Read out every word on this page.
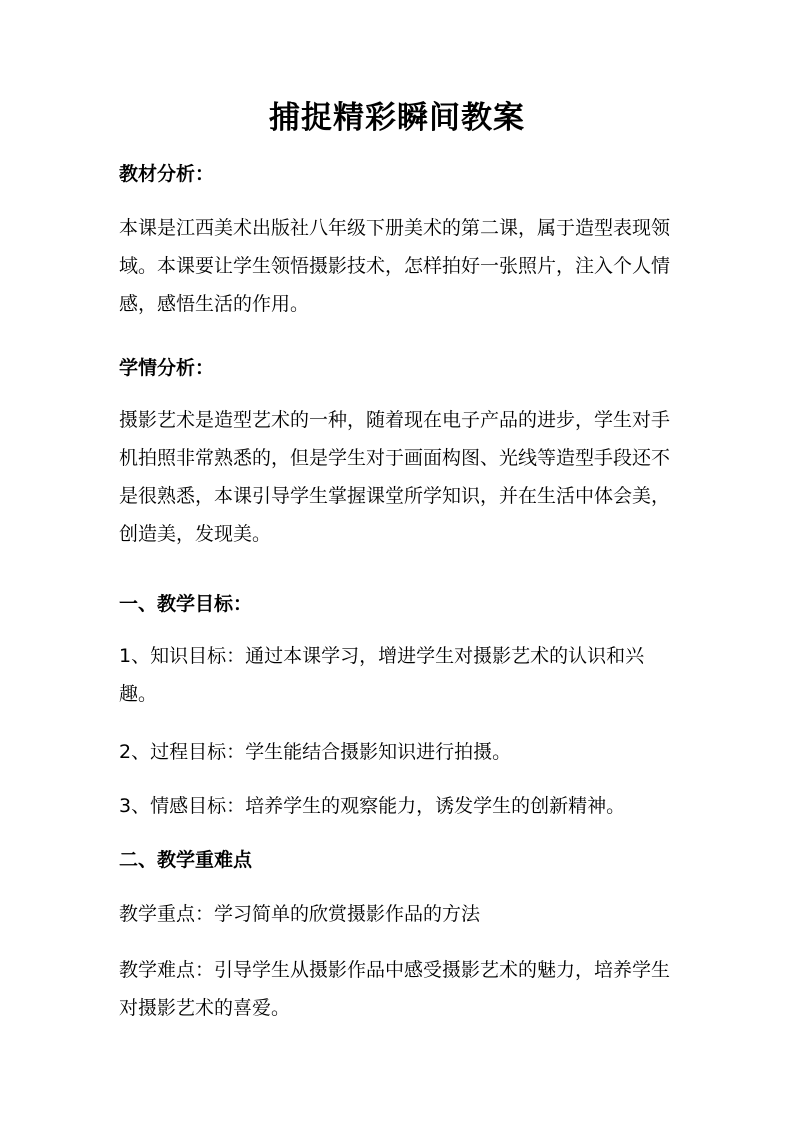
捕捉精彩瞬间教案
教材分析：
本课是江西美术出版社八年级下册美术的第二课，属于造型表现领域。本课要让学生领悟摄影技术，怎样拍好一张照片，注入个人情感，感悟生活的作用。
学情分析：
摄影艺术是造型艺术的一种，随着现在电子产品的进步，学生对手机拍照非常熟悉的，但是学生对于画面构图、光线等造型手段还不是很熟悉，本课引导学生掌握课堂所学知识，并在生活中体会美，创造美，发现美。
一、教学目标：
1、知识目标：通过本课学习，增进学生对摄影艺术的认识和兴趣。
2、过程目标：学生能结合摄影知识进行拍摄。
3、情感目标：培养学生的观察能力，诱发学生的创新精神。
二、教学重难点
教学重点：学习简单的欣赏摄影作品的方法
教学难点：引导学生从摄影作品中感受摄影艺术的魅力，培养学生对摄影艺术的喜爱。
